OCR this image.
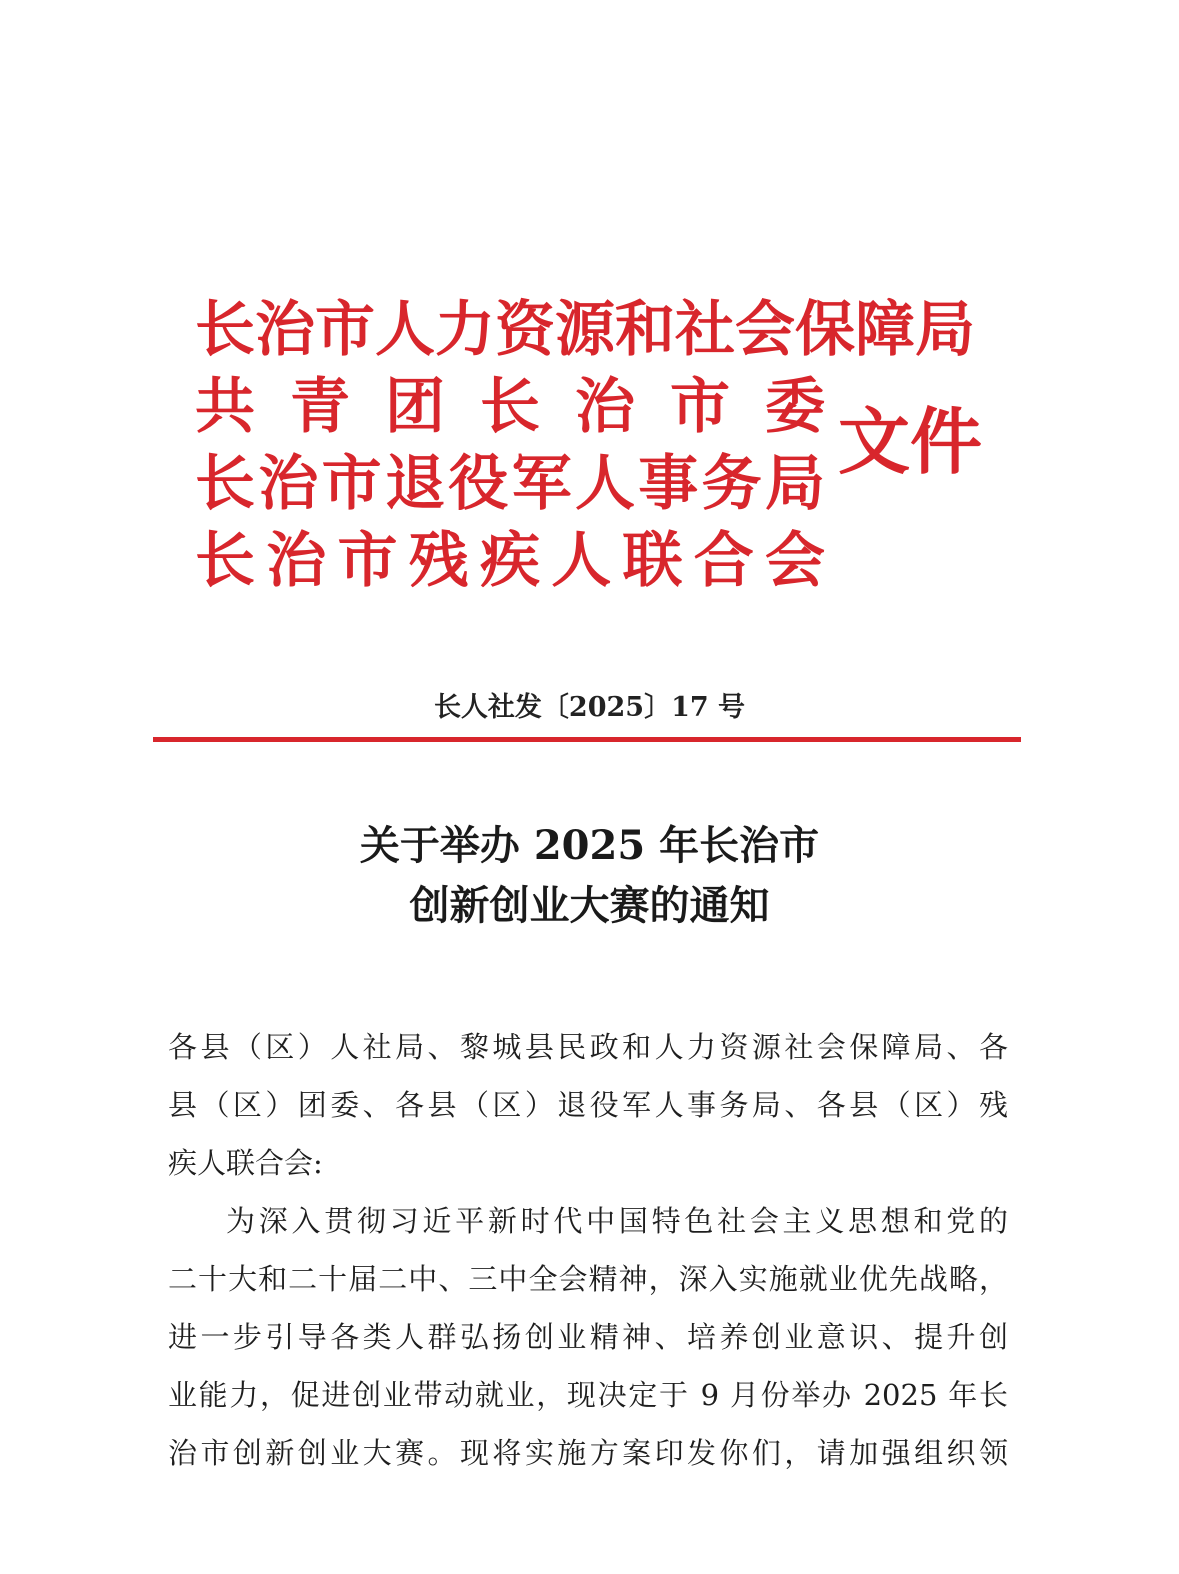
长 治 市 人 力 资 源 和 社 会 保 障 局
共 青 团 长 治 市 委
长 治 市 退 役 军 人 事 务 局
长 治 市 残 疾 人 联 合 会
文件
长人社发〔2025〕17 号
关于举办 2025 年长治市
创新创业大赛的通知
各县（区）人社局、黎城县民政和人力资源社会保障局、各
县（区）团委、各县（区）退役军人事务局、各县（区）残
疾人联合会:
为深入贯彻习近平新时代中国特色社会主义思想和党的
二十大和二十届二中、三中全会精神，深入实施就业优先战略，
进一步引导各类人群弘扬创业精神、培养创业意识、提升创
业能力，促进创业带动就业，现决定于 9 月份举办 2025 年长
治市创新创业大赛。现将实施方案印发你们，请加强组织领
